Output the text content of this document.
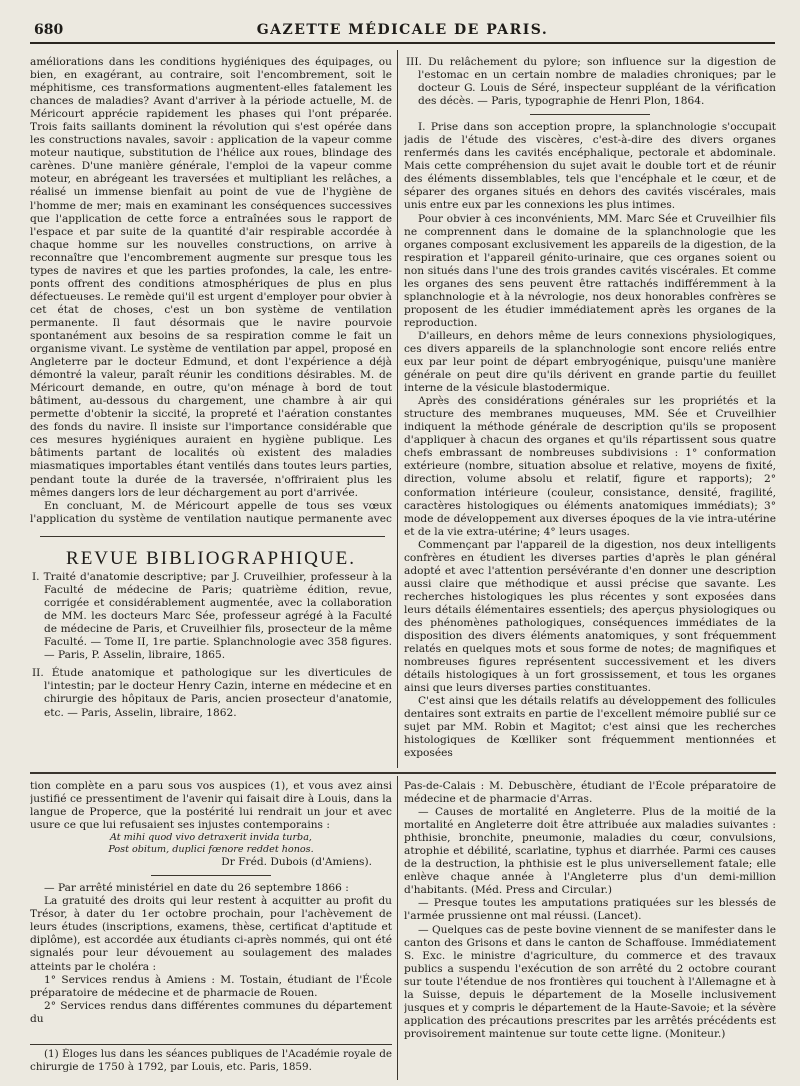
680	GAZETTE MÉDICALE DE PARIS.

améliorations dans les conditions hygiéniques des équipages, ou bien, en exagérant, au contraire, soit l'encombrement, soit le méphitisme, ces transformations augmentent-elles fatalement les chances de maladies? Avant d'arriver à la période actuelle, M. de Méricourt apprécie rapidement les phases qui l'ont préparée. Trois faits saillants dominent la révolution qui s'est opérée dans les constructions navales, savoir : application de la vapeur comme moteur nautique, substitution de l'hélice aux roues, blindage des carènes. D'une manière générale, l'emploi de la vapeur comme moteur, en abrégeant les traversées et multipliant les relâches, a réalisé un immense bienfait au point de vue de l'hygiène de l'homme de mer; mais en examinant les conséquences successives que l'application de cette force a entraînées sous le rapport de l'espace et par suite de la quantité d'air respirable accordée à chaque homme sur les nouvelles constructions, on arrive à reconnaître que l'encombrement augmente sur presque tous les types de navires et que les parties profondes, la cale, les entre-ponts offrent des conditions atmosphériques de plus en plus défectueuses. Le remède qui'il est urgent d'employer pour obvier à cet état de choses, c'est un bon système de ventilation permanente. Il faut désormais que le navire pourvoie spontanément aux besoins de sa respiration comme le fait un organisme vivant. Le système de ventilation par appel, proposé en Angleterre par le docteur Edmund, et dont l'expérience a déjà démontré la valeur, paraît réunir les conditions désirables. M. de Méricourt demande, en outre, qu'on ménage à bord de tout bâtiment, au-dessous du chargement, une chambre à air qui permette d'obtenir la siccité, la propreté et l'aération constantes des fonds du navire. Il insiste sur l'importance considérable que ces mesures hygiéniques auraient en hygiène publique. Les bâtiments partant de localités où existent des maladies miasmatiques importables étant ventilés dans toutes leurs parties, pendant toute la durée de la traversée, n'offriraient plus les mêmes dangers lors de leur déchargement au port d'arrivée.

En concluant, M. de Méricourt appelle de tous ses vœux l'application du système de ventilation nautique permanente avec

REVUE BIBLIOGRAPHIQUE.

I. Traité d'anatomie descriptive; par J. Cruveilhier, professeur à la Faculté de médecine de Paris; quatrième édition, revue, corrigée et considérablement augmentée, avec la collaboration de MM. les docteurs Marc Sée, professeur agrégé à la Faculté de médecine de Paris, et Cruveilhier fils, prosecteur de la même Faculté. — Tome II, 1re partie. Splanchnologie avec 358 figures. — Paris, P. Asselin, libraire, 1865.

II. Étude anatomique et pathologique sur les diverticules de l'intestin; par le docteur Henry Cazin, interne en médecine et en chirurgie des hôpitaux de Paris, ancien prosecteur d'anatomie, etc. — Paris, Asselin, libraire, 1862.

III. Du relâchement du pylore; son influence sur la digestion de l'estomac en un certain nombre de maladies chroniques; par le docteur G. Louis de Séré, inspecteur suppléant de la vérification des décès. — Paris, typographie de Henri Plon, 1864.

I. Prise dans son acception propre, la splanchnologie s'occupait jadis de l'étude des viscères, c'est-à-dire des divers organes renfermés dans les cavités encéphalique, pectorale et abdominale. Mais cette compréhension du sujet avait le double tort et de réunir des éléments dissemblables, tels que l'encéphale et le cœur, et de séparer des organes situés en dehors des cavités viscérales, mais unis entre eux par les connexions les plus intimes.

Pour obvier à ces inconvénients, MM. Marc Sée et Cruveilhier fils ne comprennent dans le domaine de la splanchnologie que les organes composant exclusivement les appareils de la digestion, de la respiration et l'appareil génito-urinaire, que ces organes soient ou non situés dans l'une des trois grandes cavités viscérales. Et comme les organes des sens peuvent être rattachés indifféremment à la splanchnologie et à la névrologie, nos deux honorables confrères se proposent de les étudier immédiatement après les organes de la reproduction.

D'ailleurs, en dehors même de leurs connexions physiologiques, ces divers appareils de la splanchnologie sont encore reliés entre eux par leur point de départ embryogénique, puisqu'une manière générale on peut dire qu'ils dérivent en grande partie du feuillet interne de la vésicule blastodermique.

Après des considérations générales sur les propriétés et la structure des membranes muqueuses, MM. Sée et Cruveilhier indiquent la méthode générale de description qu'ils se proposent d'appliquer à chacun des organes et qu'ils répartissent sous quatre chefs embrassant de nombreuses subdivisions : 1° conformation extérieure (nombre, situation absolue et relative, moyens de fixité, direction, volume absolu et relatif, figure et rapports); 2° conformation intérieure (couleur, consistance, densité, fragilité, caractères histologiques ou éléments anatomiques immédiats); 3° mode de développement aux diverses époques de la vie intra-utérine et de la vie extra-utérine; 4° leurs usages.

Commençant par l'appareil de la digestion, nos deux intelligents confrères en étudient les diverses parties d'après le plan général adopté et avec l'attention persévérante d'en donner une description aussi claire que méthodique et aussi précise que savante. Les recherches histologiques les plus récentes y sont exposées dans leurs détails élémentaires essentiels; des aperçus physiologiques ou des phénomènes pathologiques, conséquences immédiates de la disposition des divers éléments anatomiques, y sont fréquemment relatés en quelques mots et sous forme de notes; de magnifiques et nombreuses figures représentent successivement et les divers détails histologiques à un fort grossissement, et tous les organes ainsi que leurs diverses parties constituantes.

C'est ainsi que les détails relatifs au développement des follicules dentaires sont extraits en partie de l'excellent mémoire publié sur ce sujet par MM. Robin et Magitot; c'est ainsi que les recherches histologiques de Kœlliker sont fréquemment mentionnées et exposées

tion complète en a paru sous vos auspices (1), et vous avez ainsi justifié ce pressentiment de l'avenir qui faisait dire à Louis, dans la langue de Properce, que la postérité lui rendrait un jour et avec usure ce que lui refusaient ses injustes contemporains :

At mihi quod vivo detraxerit invida turba,
Post obitum, duplici fœnore reddet honos.

Dr Fréd. Dubois (d'Amiens).

— Par arrêté ministériel en date du 26 septembre 1866 :

La gratuité des droits qui leur restent à acquitter au profit du Trésor, à dater du 1er octobre prochain, pour l'achèvement de leurs études (inscriptions, examens, thèse, certificat d'aptitude et diplôme), est accordée aux étudiants ci-après nommés, qui ont été signalés pour leur dévouement au soulagement des malades atteints par le choléra :

1° Services rendus à Amiens : M. Tostain, étudiant de l'École préparatoire de médecine et de pharmacie de Rouen.

2° Services rendus dans différentes communes du département du

(1) Éloges lus dans les séances publiques de l'Académie royale de chirurgie de 1750 à 1792, par Louis, etc. Paris, 1859.

Pas-de-Calais : M. Debuschère, étudiant de l'École préparatoire de médecine et de pharmacie d'Arras.

— Causes de mortalité en Angleterre. Plus de la moitié de la mortalité en Angleterre doit être attribuée aux maladies suivantes : phthisie, bronchite, pneumonie, maladies du cœur, convulsions, atrophie et débilité, scarlatine, typhus et diarrhée. Parmi ces causes de la destruction, la phthisie est le plus universellement fatale; elle enlève chaque année à l'Angleterre plus d'un demi-million d'habitants. (Méd. Press and Circular.)

— Presque toutes les amputations pratiquées sur les blessés de l'armée prussienne ont mal réussi. (Lancet).

— Quelques cas de peste bovine viennent de se manifester dans le canton des Grisons et dans le canton de Schaffouse. Immédiatement S. Exc. le ministre d'agriculture, du commerce et des travaux publics a suspendu l'exécution de son arrêté du 2 octobre courant sur toute l'étendue de nos frontières qui touchent à l'Allemagne et à la Suisse, depuis le département de la Moselle inclusivement jusques et y compris le département de la Haute-Savoie; et la sévère application des précautions prescrites par les arrêtés précédents est provisoirement maintenue sur toute cette ligne. (Moniteur.)
